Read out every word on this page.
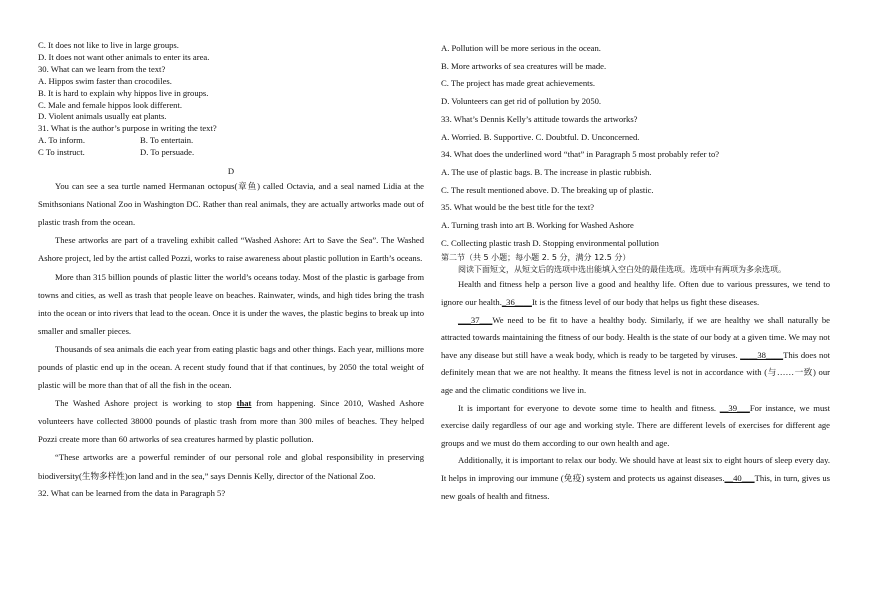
C. It does not like to live in large groups.
D. It does not want other animals to enter its area.
30. What can we learn from the text?
A. Hippos swim faster than crocodiles.
B. It is hard to explain why hippos live in groups.
C. Male and female hippos look different.
D. Violent animals usually eat plants.
31. What is the author’s purpose in writing the text?
A. To inform.	B. To entertain.
C To instruct.	D. To persuade.
D

You can see a sea turtle named Hermanan octopus(章鱼) called Octavia, and a seal named Lidia at the Smithsonians National Zoo in Washington DC. Rather than real animals, they are actually artworks made out of plastic trash from the ocean.

These artworks are part of a traveling exhibit called “Washed Ashore: Art to Save the Sea”. The Washed Ashore project, led by the artist called Pozzi, works to raise awareness about plastic pollution in Earth’s oceans.

More than 315 billion pounds of plastic litter the world’s oceans today. Most of the plastic is garbage from towns and cities, as well as trash that people leave on beaches. Rainwater, winds, and high tides bring the trash into the ocean or into rivers that lead to the ocean. Once it is under the waves, the plastic begins to break up into smaller and smaller pieces.

Thousands of sea animals die each year from eating plastic bags and other things. Each year, millions more pounds of plastic end up in the ocean. A recent study found that if that continues, by 2050 the total weight of plastic will be more than that of all the fish in the ocean.

The Washed Ashore project is working to stop that from happening. Since 2010, Washed Ashore volunteers have collected 38000 pounds of plastic trash from more than 300 miles of beaches. They helped Pozzi create more than 60 artworks of sea creatures harmed by plastic pollution.

“These artworks are a powerful reminder of our personal role and global responsibility in preserving biodiversity(生物多样性)on land and in the sea,” says Dennis Kelly, director of the National Zoo.

32. What can be learned from the data in Paragraph 5?
A. Pollution will be more serious in the ocean.
B. More artworks of sea creatures will be made.
C. The project has made great achievements.
D. Volunteers can get rid of pollution by 2050.
33. What’s Dennis Kelly’s attitude towards the artworks?
A. Worried. B. Supportive. C. Doubtful. D. Unconcerned.
34. What does the underlined word “that” in Paragraph 5 most probably refer to?
A. The use of plastic bags. B. The increase in plastic rubbish.
C. The result mentioned above. D. The breaking up of plastic.
35. What would be the best title for the text?
A. Turning trash into art B. Working for Washed Ashore
C. Collecting plastic trash D. Stopping environmental pollution
第二节（共 5 小题；每小题 2. 5 分，满分 12.5 分）
阅读下面短文，从短文后的选项中选出能填入空白处的最佳选项。选项中有两项为多余选项。

Health and fitness help a person live a good and healthy life. Often due to various pressures, we tend to ignore our health._36____It is the fitness level of our body that helps us fight these diseases.

___37___We need to be fit to have a healthy body. Similarly, if we are healthy we shall naturally be attracted towards maintaining the fitness of our body. Health is the state of our body at a given time. We may not have any disease but still have a weak body, which is ready to be targeted by viruses. ____38____This does not definitely mean that we are not healthy. It means the fitness level is not in accordance with (与……一致) our age and the climatic conditions we live in.

It is important for everyone to devote some time to health and fitness. __39___For instance, we must exercise daily regardless of our age and working style. There are different levels of exercises for different age groups and we must do them according to our own health and age.

Additionally, it is important to relax our body. We should have at least six to eight hours of sleep every day. It helps in improving our immune (免疫) system and protects us against diseases.__40___This, in turn, gives us new goals of health and fitness.
